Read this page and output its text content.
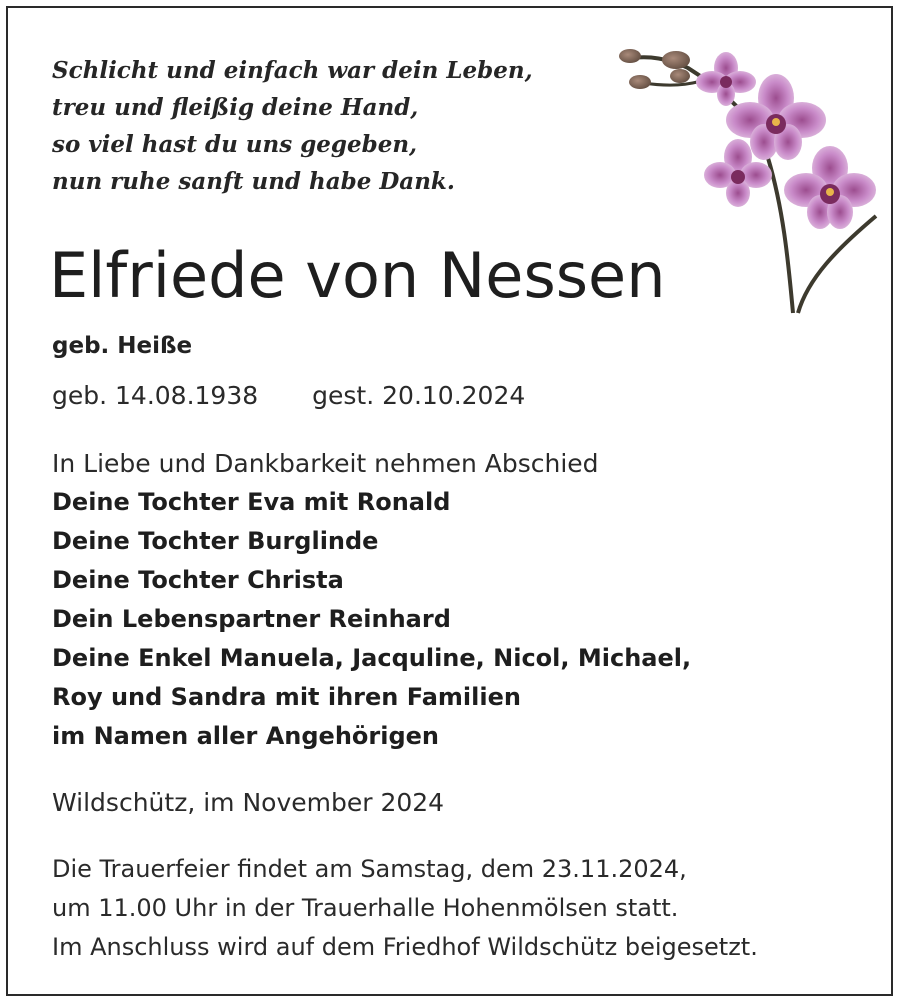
Schlicht und einfach war dein Leben,
treu und fleißig deine Hand,
so viel hast du uns gegeben,
nun ruhe sanft und habe Dank.
Elfriede von Nessen
geb. Heiße
geb. 14.08.1938 gest. 20.10.2024
In Liebe und Dankbarkeit nehmen Abschied
Deine Tochter Eva mit Ronald
Deine Tochter Burglinde
Deine Tochter Christa
Dein Lebenspartner Reinhard
Deine Enkel Manuela, Jacquline, Nicol, Michael,
Roy und Sandra mit ihren Familien
im Namen aller Angehörigen
Wildschütz, im November 2024
Die Trauerfeier findet am Samstag, dem 23.11.2024,
um 11.00 Uhr in der Trauerhalle Hohenmölsen statt.
Im Anschluss wird auf dem Friedhof Wildschütz beigesetzt.
